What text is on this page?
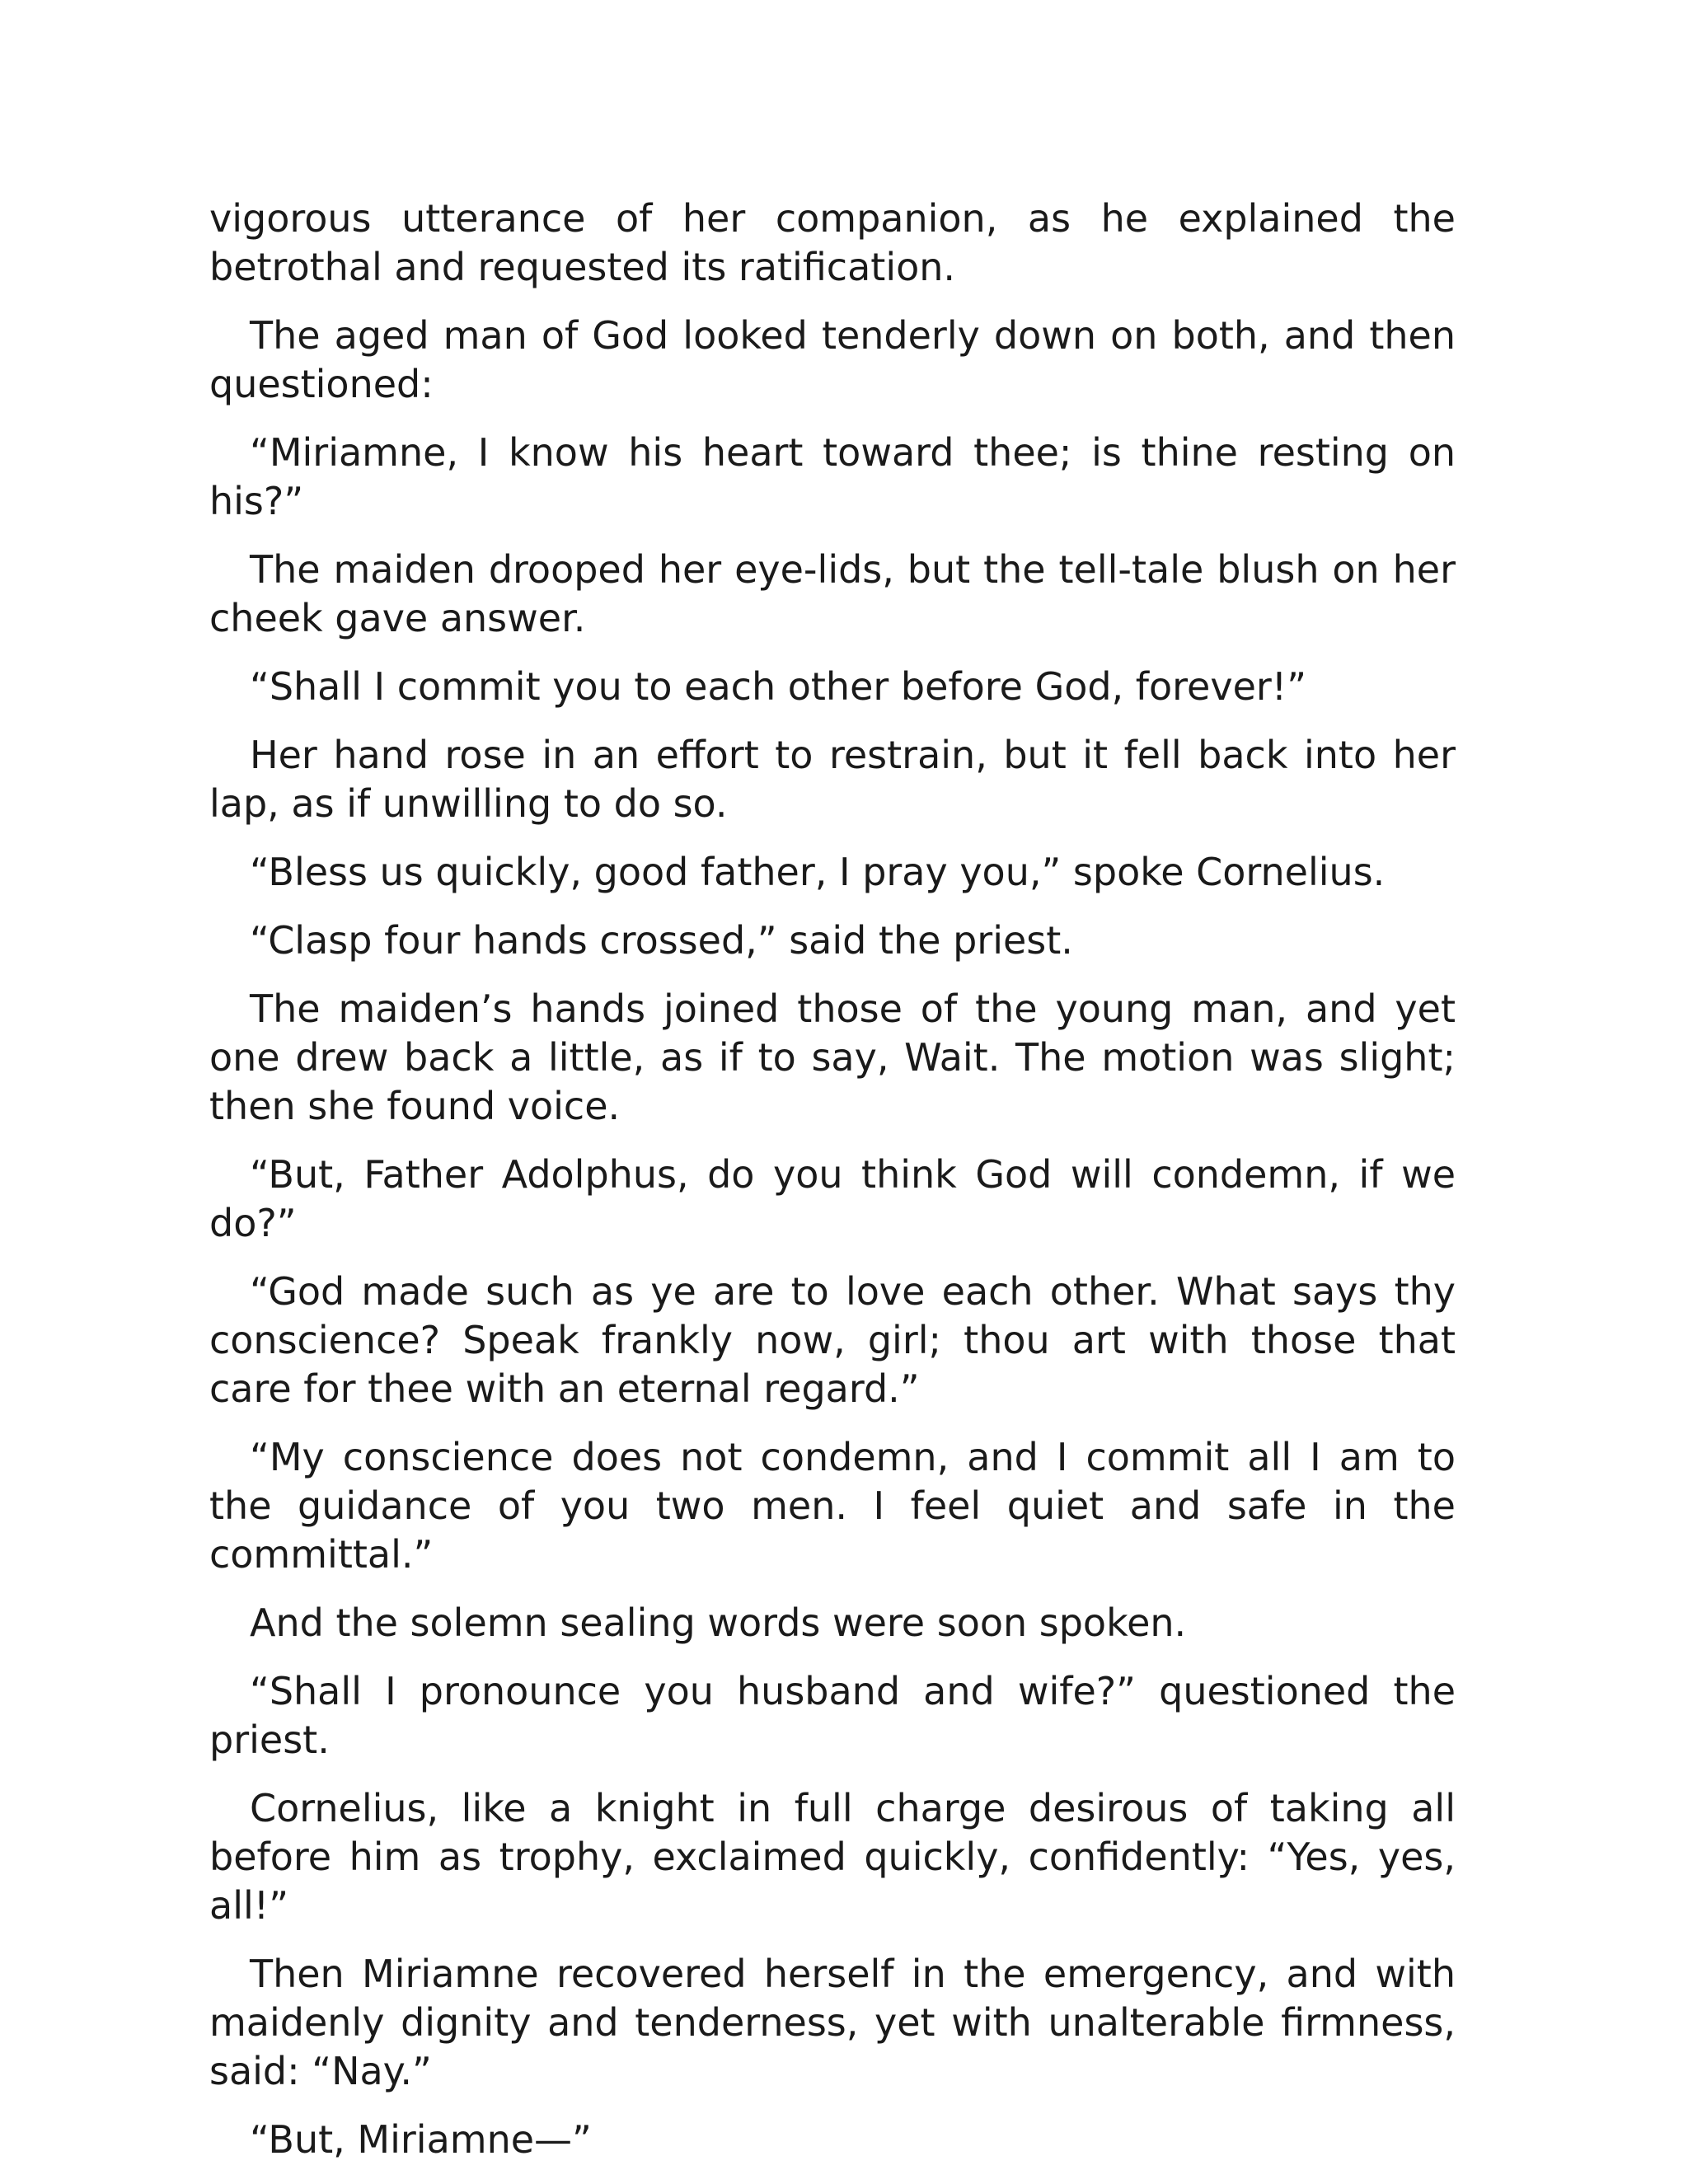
vigorous utterance of her companion, as he explained the betrothal and requested its ratification.

The aged man of God looked tenderly down on both, and then questioned:

“Miriamne, I know his heart toward thee; is thine resting on his?”

The maiden drooped her eye-lids, but the tell-tale blush on her cheek gave answer.

“Shall I commit you to each other before God, forever!”

Her hand rose in an effort to restrain, but it fell back into her lap, as if unwilling to do so.

“Bless us quickly, good father, I pray you,” spoke Cornelius.

“Clasp four hands crossed,” said the priest.

The maiden’s hands joined those of the young man, and yet one drew back a little, as if to say, Wait. The motion was slight; then she found voice.

“But, Father Adolphus, do you think God will condemn, if we do?”

“God made such as ye are to love each other. What says thy conscience? Speak frankly now, girl; thou art with those that care for thee with an eternal regard.”

“My conscience does not condemn, and I commit all I am to the guidance of you two men. I feel quiet and safe in the committal.”

And the solemn sealing words were soon spoken.

“Shall I pronounce you husband and wife?” questioned the priest.

Cornelius, like a knight in full charge desirous of taking all before him as trophy, exclaimed quickly, confidently: “Yes, yes, all!”

Then Miriamne recovered herself in the emergency, and with maidenly dignity and tenderness, yet with unalterable firmness, said: “Nay.”

“But, Miriamne—”
